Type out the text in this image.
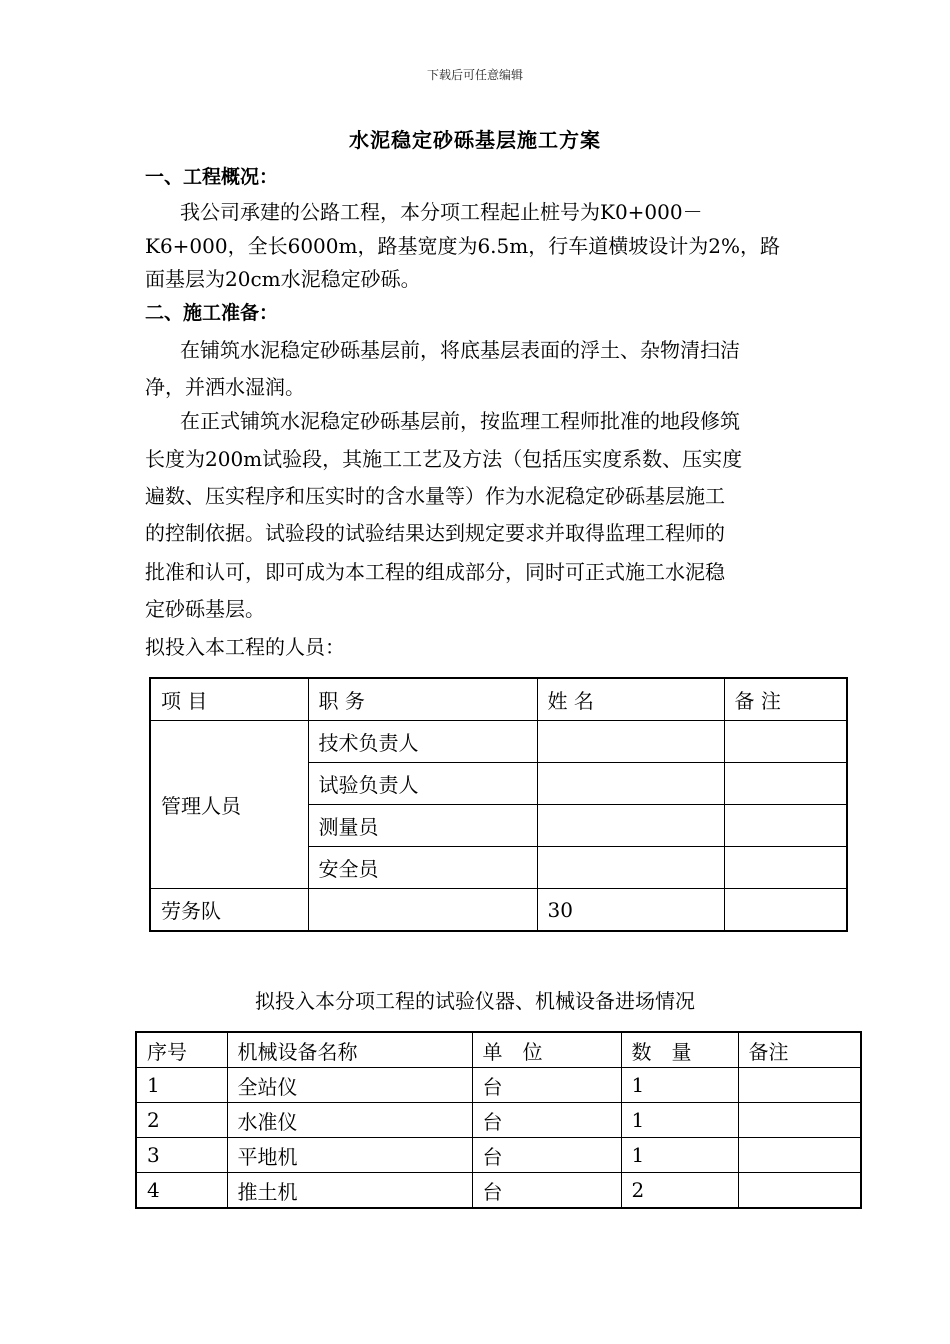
下载后可任意编辑
水泥稳定砂砾基层施工方案
一、工程概况：
我公司承建的公路工程，本分项工程起止桩号为K0+000－
K6+000，全长6000m，路基宽度为6.5m，行车道横坡设计为2%，路
面基层为20cm水泥稳定砂砾。
二、施工准备：
在铺筑水泥稳定砂砾基层前，将底基层表面的浮土、杂物清扫洁
净，并洒水湿润。
在正式铺筑水泥稳定砂砾基层前，按监理工程师批准的地段修筑
长度为200m试验段，其施工工艺及方法（包括压实度系数、压实度
遍数、压实程序和压实时的含水量等）作为水泥稳定砂砾基层施工
的控制依据。试验段的试验结果达到规定要求并取得监理工程师的
批准和认可，即可成为本工程的组成部分，同时可正式施工水泥稳
定砂砾基层。
拟投入本工程的人员：
项 目	职 务	姓 名	备 注
管理人员	技术负责人		
	试验负责人		
	测量员		
	安全员		
劳务队		30	
拟投入本分项工程的试验仪器、机械设备进场情况
序号	机械设备名称	单　位	数　量	备注
1	全站仪	台	1	
2	水准仪	台	1	
3	平地机	台	1	
4	推土机	台	2	
